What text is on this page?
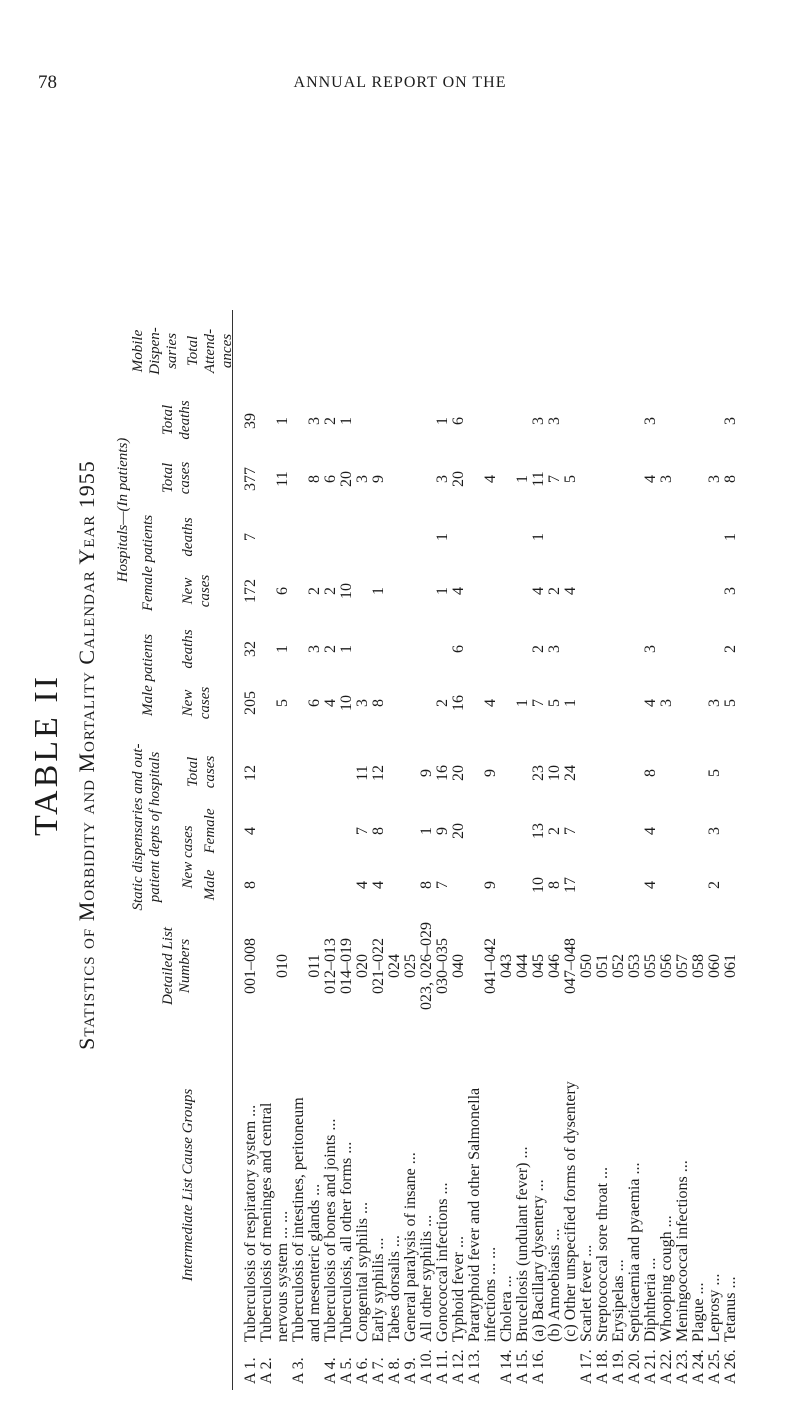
78	ANNUAL REPORT ON THE
TABLE II Statistics of Morbidity and Mortality Calendar Year 1955
Intermediate List Cause Groups
Detailed List Numbers
Static dispensaries and out-patient depts of hospitals New cases Male
Female
Total cases
Hospitals—(In patients)
Male patients
Female patients
New cases
deaths
New cases
deaths
Total cases
Total deaths
Mobile Dispen-saries Total Attend-ances
A 1.
Tuberculosis of respiratory system ...
001–008
8
4
12
205
32
172
7
377
39
A 2.
Tuberculosis of meninges and central nervous system ... ...
010
5
1
6
11
1
A 3.
Tuberculosis of intestines, peritoneum and mesenteric glands ...
011
6
3
2
8
3
A 4.
Tuberculosis of bones and joints ...
012–013
4
2
2
6
2
A 5.
Tuberculosis, all other forms ...
014–019
10
1
10
20
1
A 6.
Congenital syphilis ...
020
4
7
11
3
3
A 7.
Early syphilis ...
021–022
4
8
12
8
1
9
A 8.
Tabes dorsalis ...
024
A 9.
General paralysis of insane ...
025
A 10.
All other syphilis ...
023, 026–029
8
1
9
A 11.
Gonococcal infections ...
030–035
7
9
16
2
1
1
3
1
A 12.
Typhoid fever ...
040
20
20
16
6
4
20
6
A 13.
Paratyphoid fever and other Salmonella infections ... ...
041–042
9
9
4
4
A 14.
Cholera ...
043
A 15.
Brucellosis (undulant fever) ...
044
1
1
A 16.
(a) Bacillary dysentery ...
045
10
13
23
7
2
4
1
11
3
(b) Amoebiasis ...
046
8
2
10
5
3
2
7
3
(c) Other unspecified forms of dysentery
047–048
17
7
24
1
4
5
A 17.
Scarlet fever ...
050
A 18.
Streptococcal sore throat ...
051
A 19.
Erysipelas ...
052
A 20.
Septicaemia and pyaemia ...
053
A 21.
Diphtheria ...
055
4
4
8
4
3
4
3
A 22.
Whooping cough ...
056
3
3
A 23.
Meningococcal infections ...
057
A 24.
Plague ...
058
A 25.
Leprosy ...
060
2
3
5
3
3
A 26.
Tetanus ...
061
5
2
3
1
8
3
